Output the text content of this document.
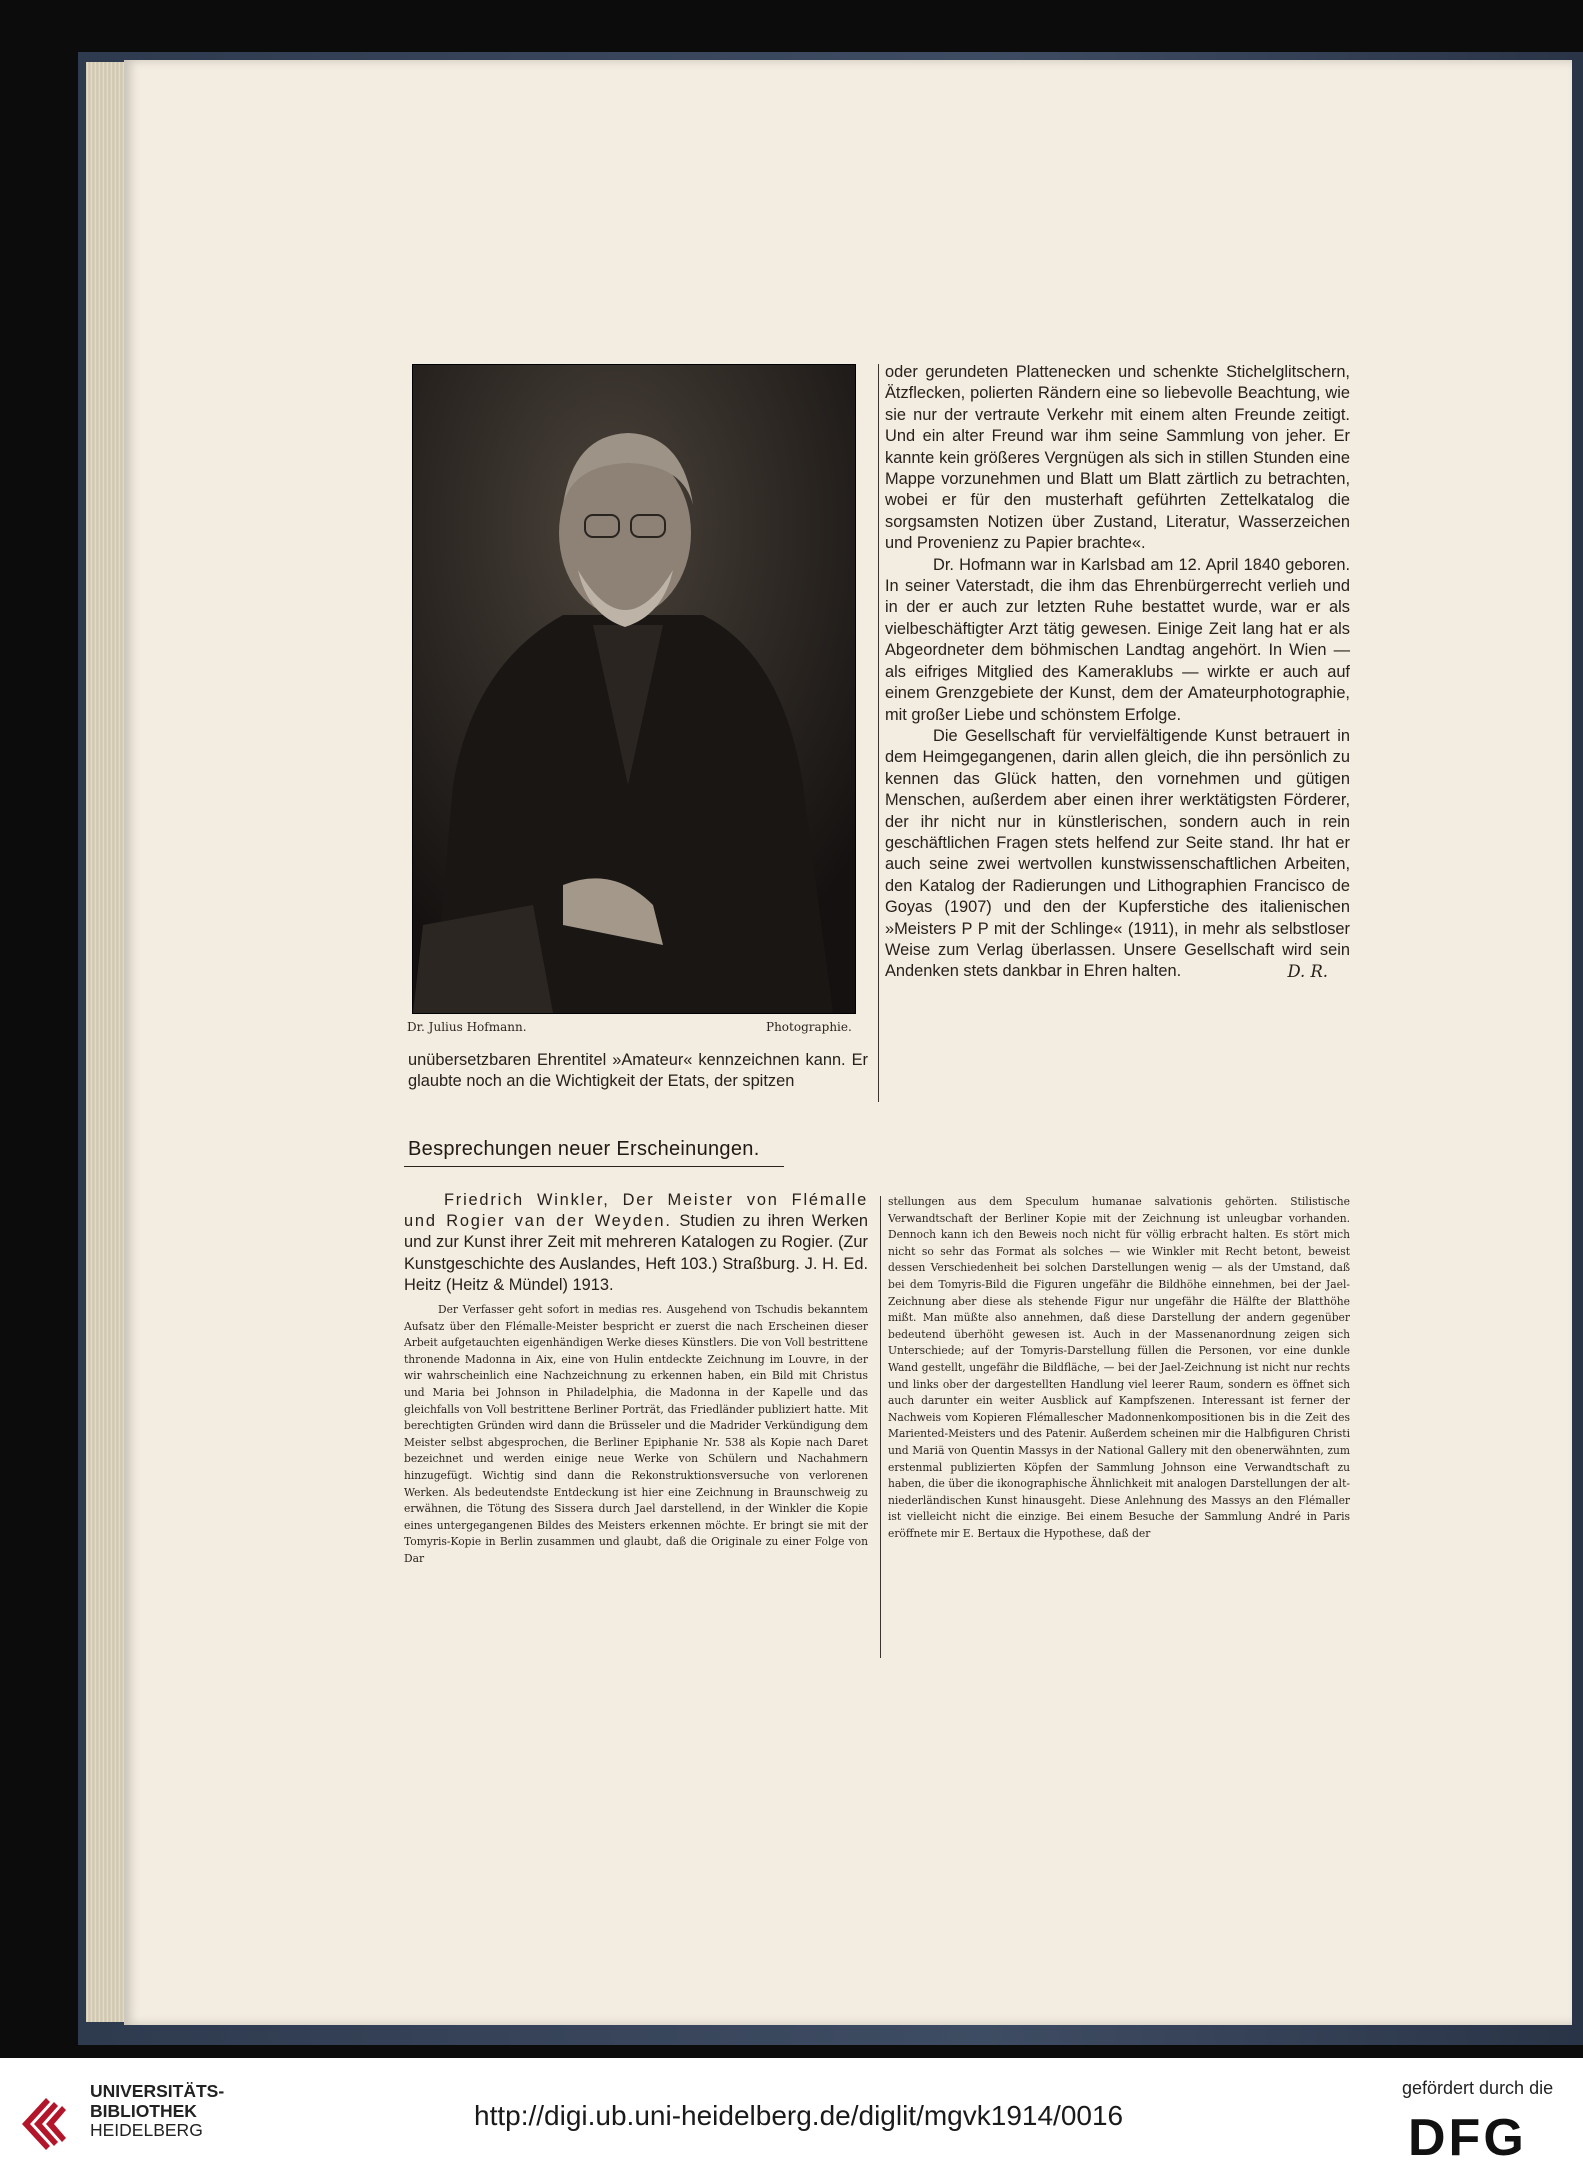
Dr. Julius Hofmann.	Photographie.

oder gerundeten Plattenecken und schenkte Stichelglitschern, Ätzflecken, polierten Rändern eine so liebevolle Beachtung, wie sie nur der vertraute Verkehr mit einem alten Freunde zeitigt. Und ein alter Freund war ihm seine Sammlung von jeher. Er kannte kein größeres Vergnügen als sich in stillen Stunden eine Mappe vorzunehmen und Blatt um Blatt zärtlich zu betrachten, wobei er für den musterhaft geführten Zettelkatalog die sorgsamsten Notizen über Zustand, Literatur, Wasserzeichen und Provenienz zu Papier brachte«.

Dr. Hofmann war in Karlsbad am 12. April 1840 geboren. In seiner Vaterstadt, die ihm das Ehrenbürgerrecht verlieh und in der er auch zur letzten Ruhe bestattet wurde, war er als vielbeschäftigter Arzt tätig gewesen. Einige Zeit lang hat er als Abgeordneter dem böhmischen Landtag angehört. In Wien — als eifriges Mitglied des Kameraklubs — wirkte er auch auf einem Grenzgebiete der Kunst, dem der Amateurphotographie, mit großer Liebe und schönstem Erfolge.

Die Gesellschaft für vervielfältigende Kunst betrauert in dem Heimgegangenen, darin allen gleich, die ihn persönlich zu kennen das Glück hatten, den vornehmen und gütigen Menschen, außerdem aber einen ihrer werktätigsten Förderer, der ihr nicht nur in künstlerischen, sondern auch in rein geschäftlichen Fragen stets helfend zur Seite stand. Ihr hat er auch seine zwei wertvollen kunstwissenschaftlichen Arbeiten, den Katalog der Radierungen und Lithographien Francisco de Goyas (1907) und den der Kupferstiche des italienischen »Meisters P P mit der Schlinge« (1911), in mehr als selbstloser Weise zum Verlag überlassen. Unsere Gesellschaft wird sein Andenken stets dankbar in Ehren halten.	D. R.

unübersetzbaren Ehrentitel »Amateur« kennzeichnen kann. Er glaubte noch an die Wichtigkeit der Etats, der spitzen

Besprechungen neuer Erscheinungen.

Friedrich Winkler, Der Meister von Flémalle und Rogier van der Weyden. Studien zu ihren Werken und zur Kunst ihrer Zeit mit mehreren Katalogen zu Rogier. (Zur Kunstgeschichte des Auslandes, Heft 103.) Straßburg. J. H. Ed. Heitz (Heitz & Mündel) 1913.

Der Verfasser geht sofort in medias res. Ausgehend von Tschudis bekanntem Aufsatz über den Flémalle-Meister bespricht er zuerst die nach Erscheinen dieser Arbeit aufgetauchten eigenhändigen Werke dieses Künstlers. Die von Voll bestrittene thronende Madonna in Aix, eine von Hulin entdeckte Zeichnung im Louvre, in der wir wahrscheinlich eine Nachzeichnung zu erkennen haben, ein Bild mit Christus und Maria bei Johnson in Philadelphia, die Madonna in der Kapelle und das gleichfalls von Voll bestrittene Berliner Porträt, das Friedländer publiziert hatte. Mit berechtigten Gründen wird dann die Brüsseler und die Madrider Verkündigung dem Meister selbst abgesprochen, die Berliner Epiphanie Nr. 538 als Kopie nach Daret bezeichnet und werden einige neue Werke von Schülern und Nachahmern hinzugefügt. Wichtig sind dann die Rekonstruktionsversuche von verlorenen Werken. Als bedeutendste Entdeckung ist hier eine Zeichnung in Braunschweig zu erwähnen, die Tötung des Sissera durch Jael darstellend, in der Winkler die Kopie eines untergegangenen Bildes des Meisters erkennen möchte. Er bringt sie mit der Tomyris-Kopie in Berlin zusammen und glaubt, daß die Originale zu einer Folge von Dar

stellungen aus dem Speculum humanae salvationis gehörten. Stilistische Verwandtschaft der Berliner Kopie mit der Zeichnung ist unleugbar vorhanden. Dennoch kann ich den Beweis noch nicht für völlig erbracht halten. Es stört mich nicht so sehr das Format als solches — wie Winkler mit Recht betont, beweist dessen Verschiedenheit bei solchen Darstellungen wenig — als der Umstand, daß bei dem Tomyris-Bild die Figuren ungefähr die Bildhöhe einnehmen, bei der Jael-Zeichnung aber diese als stehende Figur nur ungefähr die Hälfte der Blatthöhe mißt. Man müßte also annehmen, daß diese Darstellung der andern gegenüber bedeutend überhöht gewesen ist. Auch in der Massenanordnung zeigen sich Unterschiede; auf der Tomyris-Darstellung füllen die Personen, vor eine dunkle Wand gestellt, ungefähr die Bildfläche, — bei der Jael-Zeichnung ist nicht nur rechts und links ober der dargestellten Handlung viel leerer Raum, sondern es öffnet sich auch darunter ein weiter Ausblick auf Kampfszenen. Interessant ist ferner der Nachweis vom Kopieren Flémallescher Madonnenkompositionen bis in die Zeit des Mariented-Meisters und des Patenir. Außerdem scheinen mir die Halbfiguren Christi und Mariä von Quentin Massys in der National Gallery mit den obenerwähnten, zum erstenmal publizierten Köpfen der Sammlung Johnson eine Verwandtschaft zu haben, die über die ikonographische Ähnlichkeit mit analogen Darstellungen der altniederländischen Kunst hinausgeht. Diese Anlehnung des Massys an den Flémaller ist vielleicht nicht die einzige. Bei einem Besuche der Sammlung André in Paris eröffnete mir E. Bertaux die Hypothese, daß der

UNIVERSITÄTS-
BIBLIOTHEK
HEIDELBERG	http://digi.ub.uni-heidelberg.de/diglit/mgvk1914/0016
gefördert durch die
DFG
